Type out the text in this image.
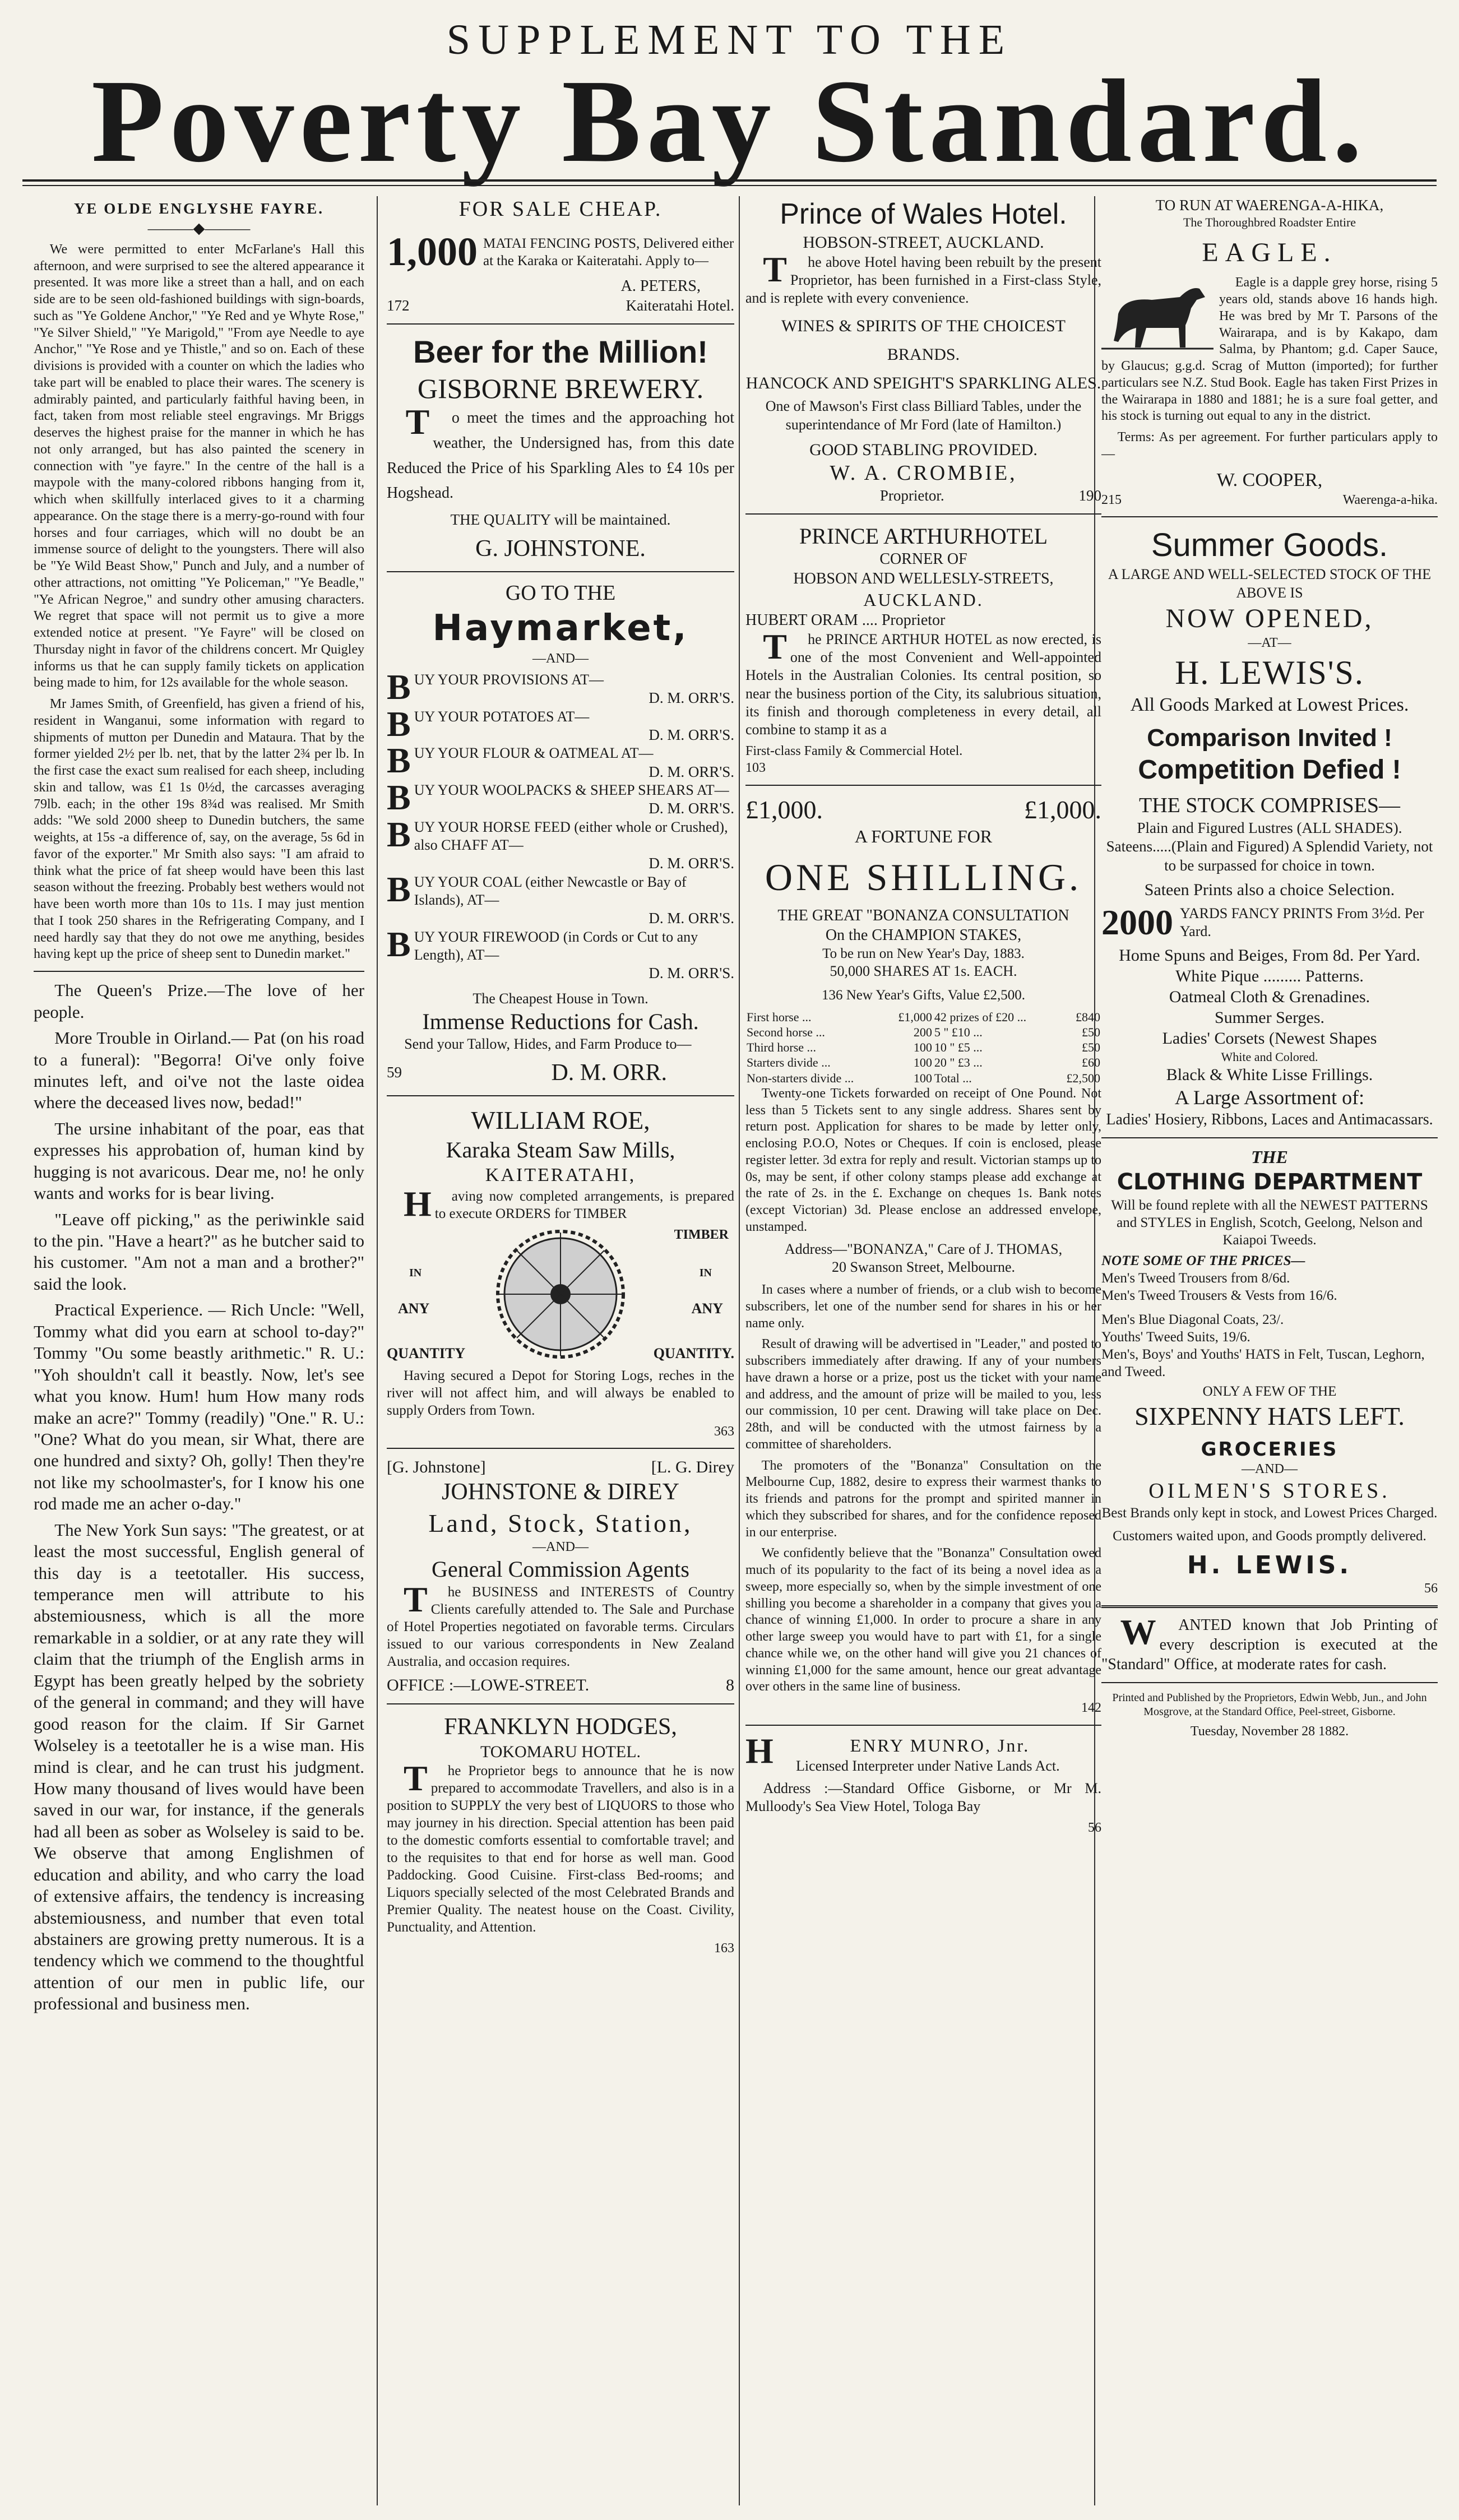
SUPPLEMENT TO THE
Poverty Bay Standard.
YE OLDE ENGLYSHE FAYRE.
———◆———

We were permitted to enter McFarlane's Hall this afternoon, and were surprised to see the altered appearance it presented. It was more like a street than a hall, and on each side are to be seen old-fashioned buildings with sign-boards, such as "Ye Goldene Anchor," "Ye Red and ye Whyte Rose," "Ye Silver Shield," "Ye Marigold," "From aye Needle to aye Anchor," "Ye Rose and ye Thistle," and so on. Each of these divisions is provided with a counter on which the ladies who take part will be enabled to place their wares. The scenery is admirably painted, and particularly faithful having been, in fact, taken from most reliable steel engravings. Mr Briggs deserves the highest praise for the manner in which he has not only arranged, but has also painted the scenery in connection with "ye fayre." In the centre of the hall is a maypole with the many-colored ribbons hanging from it, which when skillfully interlaced gives to it a charming appearance. On the stage there is a merry-go-round with four horses and four carriages, which will no doubt be an immense source of delight to the youngsters. There will also be "Ye Wild Beast Show," Punch and July, and a number of other attractions, not omitting "Ye Policeman," "Ye Beadle," "Ye African Negroe," and sundry other amusing characters. We regret that space will not permit us to give a more extended notice at present. "Ye Fayre" will be closed on Thursday night in favor of the childrens concert. Mr Quigley informs us that he can supply family tickets on application being made to him, for 12s available for the whole season.

Mr James Smith, of Greenfield, has given a friend of his, resident in Wanganui, some information with regard to shipments of mutton per Dunedin and Mataura. That by the former yielded 2½ per lb. net, that by the latter 2¾ per lb. In the first case the exact sum realised for each sheep, including skin and tallow, was £1 1s 0½d, the carcasses averaging 79lb. each; in the other 19s 8¾d was realised. Mr Smith adds: "We sold 2000 sheep to Dunedin butchers, the same weights, at 15s -a difference of, say, on the average, 5s 6d in favor of the exporter." Mr Smith also says: "I am afraid to think what the price of fat sheep would have been this last season without the freezing. Probably best wethers would not have been worth more than 10s to 11s. I may just mention that I took 250 shares in the Refrigerating Company, and I need hardly say that they do not owe me anything, besides having kept up the price of sheep sent to Dunedin market."

The Queen's Prize.—The love of her people.

More Trouble in Oirland.— Pat (on his road to a funeral): "Begorra! Oi've only foive minutes left, and oi've not the laste oidea where the deceased lives now, bedad!"

The ursine inhabitant of the poar, eas that expresses his approbation of, human kind by hugging is not avaricous. Dear me, no! he only wants and works for is bear living.

"Leave off picking," as the periwinkle said to the pin. "Have a heart?" as he butcher said to his customer. "Am not a man and a brother?" said the look.

Practical Experience. — Rich Uncle: "Well, Tommy what did you earn at school to-day?" Tommy "Ou some beastly arithmetic." R. U.: "Yoh shouldn't call it beastly. Now, let's see what you know. Hum! hum How many rods make an acre?" Tommy (readily) "One." R. U.: "One? What do you mean, sir What, there are one hundred and sixty? Oh, golly! Then they're not like my schoolmaster's, for I know his one rod made me an acher o-day."

The New York Sun says: "The greatest, or at least the most successful, English general of this day is a teetotaller. His success, temperance men will attribute to his abstemiousness, which is all the more remarkable in a soldier, or at any rate they will claim that the triumph of the English arms in Egypt has been greatly helped by the sobriety of the general in command; and they will have good reason for the claim. If Sir Garnet Wolseley is a teetotaller he is a wise man. His mind is clear, and he can trust his judgment. How many thousand of lives would have been saved in our war, for instance, if the generals had all been as sober as Wolseley is said to be. We observe that among Englishmen of education and ability, and who carry the load of extensive affairs, the tendency is increasing abstemiousness, and number that even total abstainers are growing pretty numerous. It is a tendency which we commend to the thoughtful attention of our men in public life, our professional and business men.

FOR SALE CHEAP.
1,000 MATAI FENCING POSTS, Delivered either at the Karaka or Kaiteratahi. Apply to—
A. PETERS,
172	Kaiteratahi Hotel.
Beer for the Million!
GISBORNE BREWERY.

To meet the times and the approaching hot weather, the Undersigned has, from this date Reduced the Price of his Sparkling Ales to £4 10s per Hogshead.

THE QUALITY will be maintained.
G. JOHNSTONE.
GO TO THE
Haymarket,
—AND—
BUY YOUR PROVISIONS AT—
D. M. ORR'S.
BUY YOUR POTATOES AT—
D. M. ORR'S.
BUY YOUR FLOUR & OATMEAL AT—
D. M. ORR'S.
BUY YOUR WOOLPACKS & SHEEP SHEARS AT—
D. M. ORR'S.
BUY YOUR HORSE FEED (either whole or Crushed), also CHAFF AT—
D. M. ORR'S.
BUY YOUR COAL (either Newcastle or Bay of Islands), AT—
D. M. ORR'S.
BUY YOUR FIREWOOD (in Cords or Cut to any Length), AT—
D. M. ORR'S.
The Cheapest House in Town.
Immense Reductions for Cash.

Send your Tallow, Hides, and Farm Produce to—

59	D. M. ORR.
WILLIAM ROE,
Karaka Steam Saw Mills,
KAITERATAHI,

Having now completed arrangements, is prepared to execute ORDERS for TIMBER

TIMBER
IN	IN
ANY	ANY
QUANTITY	QUANTITY.

Having secured a Depot for Storing Logs, reches in the river will not affect him, and will always be enabled to supply Orders from Town.

363
[G. Johnstone]	[L. G. Direy
JOHNSTONE & DIREY
Land, Stock, Station,
—AND—
General Commission Agents

The BUSINESS and INTERESTS of Country Clients carefully attended to. The Sale and Purchase of Hotel Properties negotiated on favorable terms. Circulars issued to our various correspondents in New Zealand Australia, and occasion requires.

OFFICE :—LOWE-STREET.	8
FRANKLYN HODGES,
TOKOMARU HOTEL.

The Proprietor begs to announce that he is now prepared to accommodate Travellers, and also is in a position to SUPPLY the very best of LIQUORS to those who may journey in his direction. Special attention has been paid to the domestic comforts essential to comfortable travel; and to the requisites to that end for horse as well man. Good Paddocking. Good Cuisine. First-class Bed-rooms; and Liquors specially selected of the most Celebrated Brands and Premier Quality. The neatest house on the Coast. Civility, Punctuality, and Attention.

163
Prince of Wales Hotel.
HOBSON-STREET, AUCKLAND.

The above Hotel having been rebuilt by the present Proprietor, has been furnished in a First-class Style, and is replete with every convenience.

WINES & SPIRITS OF THE CHOICEST BRANDS.
HANCOCK AND SPEIGHT'S SPARKLING ALES.
One of Mawson's First class Billiard Tables, under the superintendance of Mr Ford (late of Hamilton.)
GOOD STABLING PROVIDED.
W. A. CROMBIE,
Proprietor.	190
PRINCE ARTHURHOTEL
CORNER OF
HOBSON AND WELLESLY-STREETS,
AUCKLAND.
HUBERT ORAM .... Proprietor

The PRINCE ARTHUR HOTEL as now erected, is one of the most Convenient and Well-appointed Hotels in the Australian Colonies. Its central position, so near the business portion of the City, its salubrious situation, its finish and thorough completeness in every detail, all combine to stamp it as a

First-class Family & Commercial Hotel.
103
£1,000.	£1,000.
A FORTUNE FOR
ONE SHILLING.
THE GREAT "BONANZA CONSULTATION
On the CHAMPION STAKES,
To be run on New Year's Day, 1883.
50,000 SHARES AT 1s. EACH.
136 New Year's Gifts, Value £2,500.
First horse ...	£1,000	42 prizes of £20 ...	£840
Second horse ...	200	5 " £10 ...	£50
Third horse ...	100	10 " £5 ...	£50
Starters divide ...	100	20 " £3 ...	£60
Non-starters divide ...	100	Total ...	£2,500

Twenty-one Tickets forwarded on receipt of One Pound. Not less than 5 Tickets sent to any single address. Shares sent by return post. Application for shares to be made by letter only, enclosing P.O.O, Notes or Cheques. If coin is enclosed, please register letter. 3d extra for reply and result. Victorian stamps up to 0s, may be sent, if other colony stamps please add exchange at the rate of 2s. in the £. Exchange on cheques 1s. Bank notes (except Victorian) 3d. Please enclose an addressed envelope, unstamped.

Address—"BONANZA," Care of J. THOMAS,
20 Swanson Street, Melbourne.

In cases where a number of friends, or a club wish to become subscribers, let one of the number send for shares in his or her name only.

Result of drawing will be advertised in "Leader," and posted to subscribers immediately after drawing. If any of your numbers have drawn a horse or a prize, post us the ticket with your name and address, and the amount of prize will be mailed to you, less our commission, 10 per cent. Drawing will take place on Dec. 28th, and will be conducted with the utmost fairness by a committee of shareholders.

The promoters of the "Bonanza" Consultation on the Melbourne Cup, 1882, desire to express their warmest thanks to its friends and patrons for the prompt and spirited manner in which they subscribed for shares, and for the confidence reposed in our enterprise.

We confidently believe that the "Bonanza" Consultation owed much of its popularity to the fact of its being a novel idea as a sweep, more especially so, when by the simple investment of one shilling you become a shareholder in a company that gives you a chance of winning £1,000. In order to procure a share in any other large sweep you would have to part with £1, for a single chance while we, on the other hand will give you 21 chances of winning £1,000 for the same amount, hence our great advantage over others in the same line of business.

142
HENRY MUNRO, Jnr.

Licensed Interpreter under Native Lands Act.

Address :—Standard Office Gisborne, or Mr M. Mulloody's Sea View Hotel, Tologa Bay

56
TO RUN AT WAERENGA-A-HIKA,
The Thoroughbred Roadster Entire
EAGLE.

Eagle is a dapple grey horse, rising 5 years old, stands above 16 hands high. He was bred by Mr T. Parsons of the Wairarapa, and is by Kakapo, dam Salma, by Phantom; g.d. Caper Sauce, by Glaucus; g.g.d. Scrag of Mutton (imported); for further particulars see N.Z. Stud Book. Eagle has taken First Prizes in the Wairarapa in 1880 and 1881; he is a sure foal getter, and his stock is turning out equal to any in the district.

Terms: As per agreement. For further particulars apply to—

W. COOPER,
215	Waerenga-a-hika.
Summer Goods.
A LARGE AND WELL-SELECTED STOCK OF THE ABOVE IS
NOW OPENED,
—AT—
H. LEWIS'S.
All Goods Marked at Lowest Prices.
Comparison Invited !
Competition Defied !
THE STOCK COMPRISES—
Plain and Figured Lustres (ALL SHADES).
Sateens.....(Plain and Figured) A Splendid Variety, not to be surpassed for choice in town.
Sateen Prints also a choice Selection.
2000 YARDS FANCY PRINTS From 3½d. Per Yard.
Home Spuns and Beiges, From 8d. Per Yard.
White Pique ......... Patterns.
Oatmeal Cloth & Grenadines.
Summer Serges.
Ladies' Corsets (Newest Shapes
White and Colored.
Black & White Lisse Frillings.
A Large Assortment of:
Ladies' Hosiery, Ribbons, Laces and Antimacassars.
THE
CLOTHING DEPARTMENT
Will be found replete with all the NEWEST PATTERNS and STYLES in English, Scotch, Geelong, Nelson and Kaiapoi Tweeds.
NOTE SOME OF THE PRICES—
Men's Tweed Trousers from 8/6d.
Men's Tweed Trousers & Vests from 16/6.
Men's Blue Diagonal Coats, 23/.
Youths' Tweed Suits, 19/6.
Men's, Boys' and Youths' HATS in Felt, Tuscan, Leghorn, and Tweed.
ONLY A FEW OF THE
SIXPENNY HATS LEFT.
GROCERIES
—AND—
OILMEN'S STORES.
Best Brands only kept in stock, and Lowest Prices Charged.
Customers waited upon, and Goods promptly delivered.
H. LEWIS.
56

WANTED known that Job Printing of every description is executed at the "Standard" Office, at moderate rates for cash.

Printed and Published by the Proprietors, Edwin Webb, Jun., and John Mosgrove, at the Standard Office, Peel-street, Gisborne.
Tuesday, November 28 1882.
